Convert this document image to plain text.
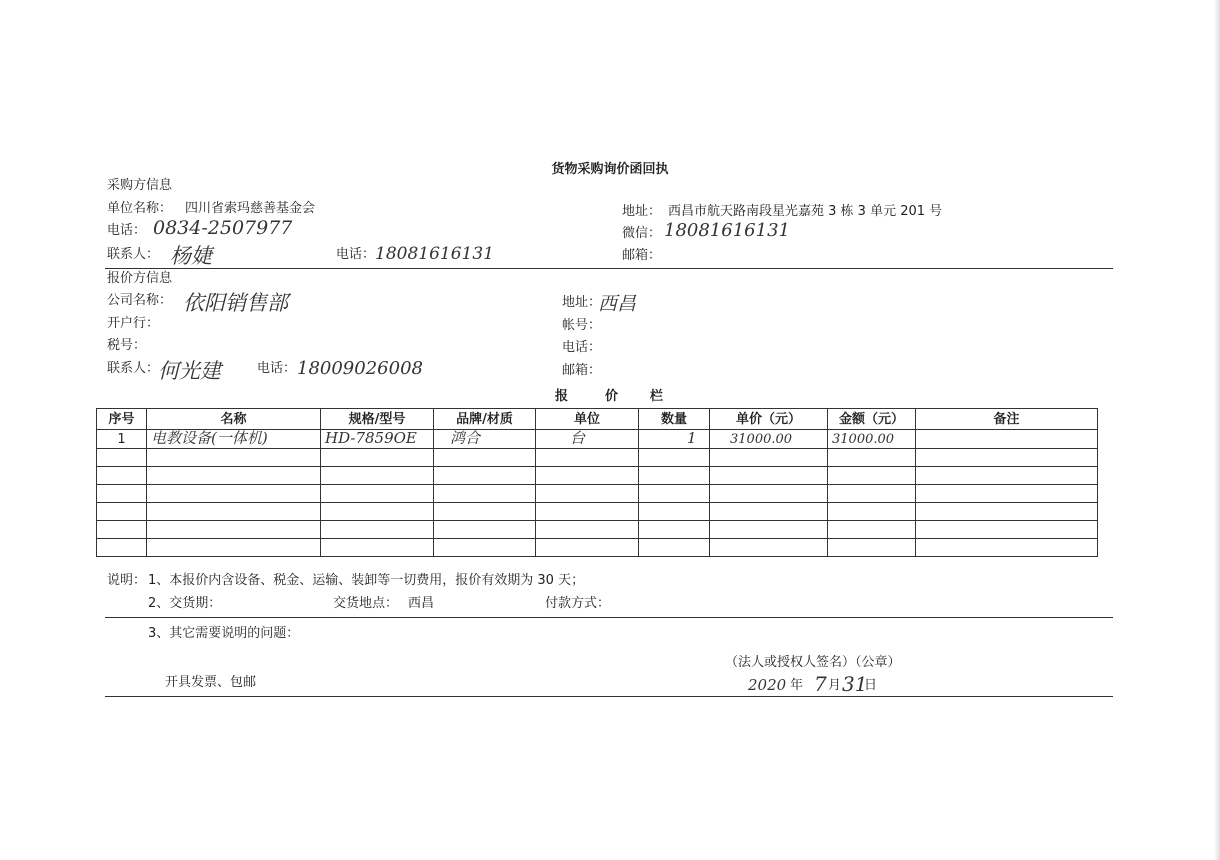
货物采购询价函回执
采购方信息
单位名称： 四川省索玛慈善基金会	地址： 西昌市航天路南段星光嘉苑 3 栋 3 单元 201 号
电话： 0834-2507977	微信： 18081616131
联系人： 杨婕	电话： 18081616131	邮箱：
报价方信息
公司名称： 依阳销售部	地址：
西昌
开户行：	帐号：
税号：	电话：
联系人：
何光建	电话： 18009026008	邮箱：
报	价 栏
序号	名称	规格/型号	品牌/材质	单位	数量	单价（元）	金额（元）	备注
1	电教设备(一体机)	HD-7859OE	鸿合	台	1	31000.00	31000.00	

说明： 1、本报价内含设备、税金、运输、装卸等一切费用，报价有效期为 30 天；
2、交货期：	交货地点： 西昌	付款方式：
3、其它需要说明的问题：
开具发票、包邮
（法人或授权人签名）（公章）
2020 年 7 月 31
日
